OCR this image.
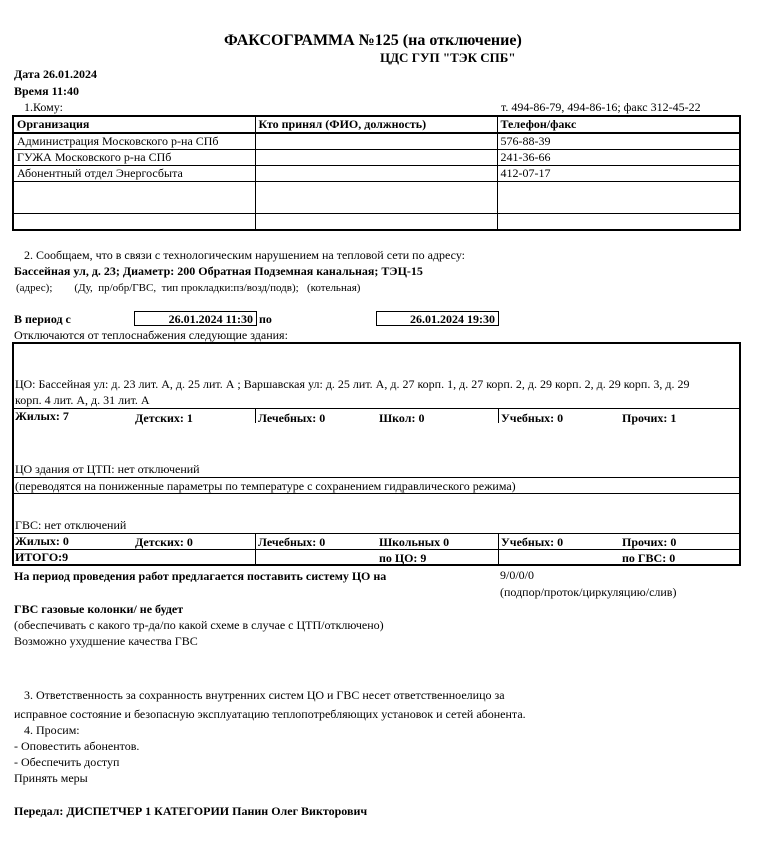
ФАКСОГРАММА №125 (на отключение)
ЦДС ГУП "ТЭК СПБ"
Дата 26.01.2024
Время 11:40
1.Кому:	т. 494-86-79, 494-86-16; факс 312-45-22
Организация	Кто принял (ФИО, должность)	Телефон/факс
Администрация Московского р-на СПб		576-88-39
ГУЖА Московского р-на СПб		241-36-66
Абонентный отдел Энергосбыта		412-07-17

2. Сообщаем, что в связи с технологическим нарушением на тепловой сети по адресу:
Бассейная ул, д. 23; Диаметр: 200 Обратная Подземная канальная; ТЭЦ-15
(адрес);        (Ду,  пр/обр/ГВС,  тип прокладки:пз/возд/подв);   (котельная)
В период с	26.01.2024 11:30 по	26.01.2024 19:30
Отключаются от теплоснабжения следующие здания:
ЦО: Бассейная ул: д. 23 лит. А, д. 25 лит. А ; Варшавская ул: д. 25 лит. А, д. 27 корп. 1, д. 27 корп. 2, д. 29 корп. 2, д. 29 корп. 3, д. 29
корп. 4 лит. А, д. 31 лит. А
Жилых: 7	Детских: 1	Лечебных: 0	Школ: 0	Учебных: 0	Прочих: 1
ЦО здания от ЦТП: нет отключений
(переводятся на пониженные параметры по температуре с сохранением гидравлического режима)
ГВС: нет отключений
Жилых: 0	Детских: 0	Лечебных: 0	Школьных 0	Учебных: 0	Прочих: 0
ИТОГО:9	по ЦО: 9	по ГВС: 0
На период проведения работ предлагается поставить систему ЦО на	9/0/0/0
(подпор/проток/циркуляцию/слив)
ГВС газовые колонки/ не будет
(обеспечивать с какого тр-да/по какой схеме в случае с ЦТП/отключено)
Возможно ухудшение качества ГВС
3. Ответственность за сохранность внутренних систем ЦО и ГВС несет ответственноелицо за
исправное состояние и безопасную эксплуатацию теплопотребляющих установок и сетей абонента.
4. Просим:
- Оповестить абонентов.
- Обеспечить доступ
Принять меры
Передал: ДИСПЕТЧЕР 1 КАТЕГОРИИ Панин Олег Викторович
